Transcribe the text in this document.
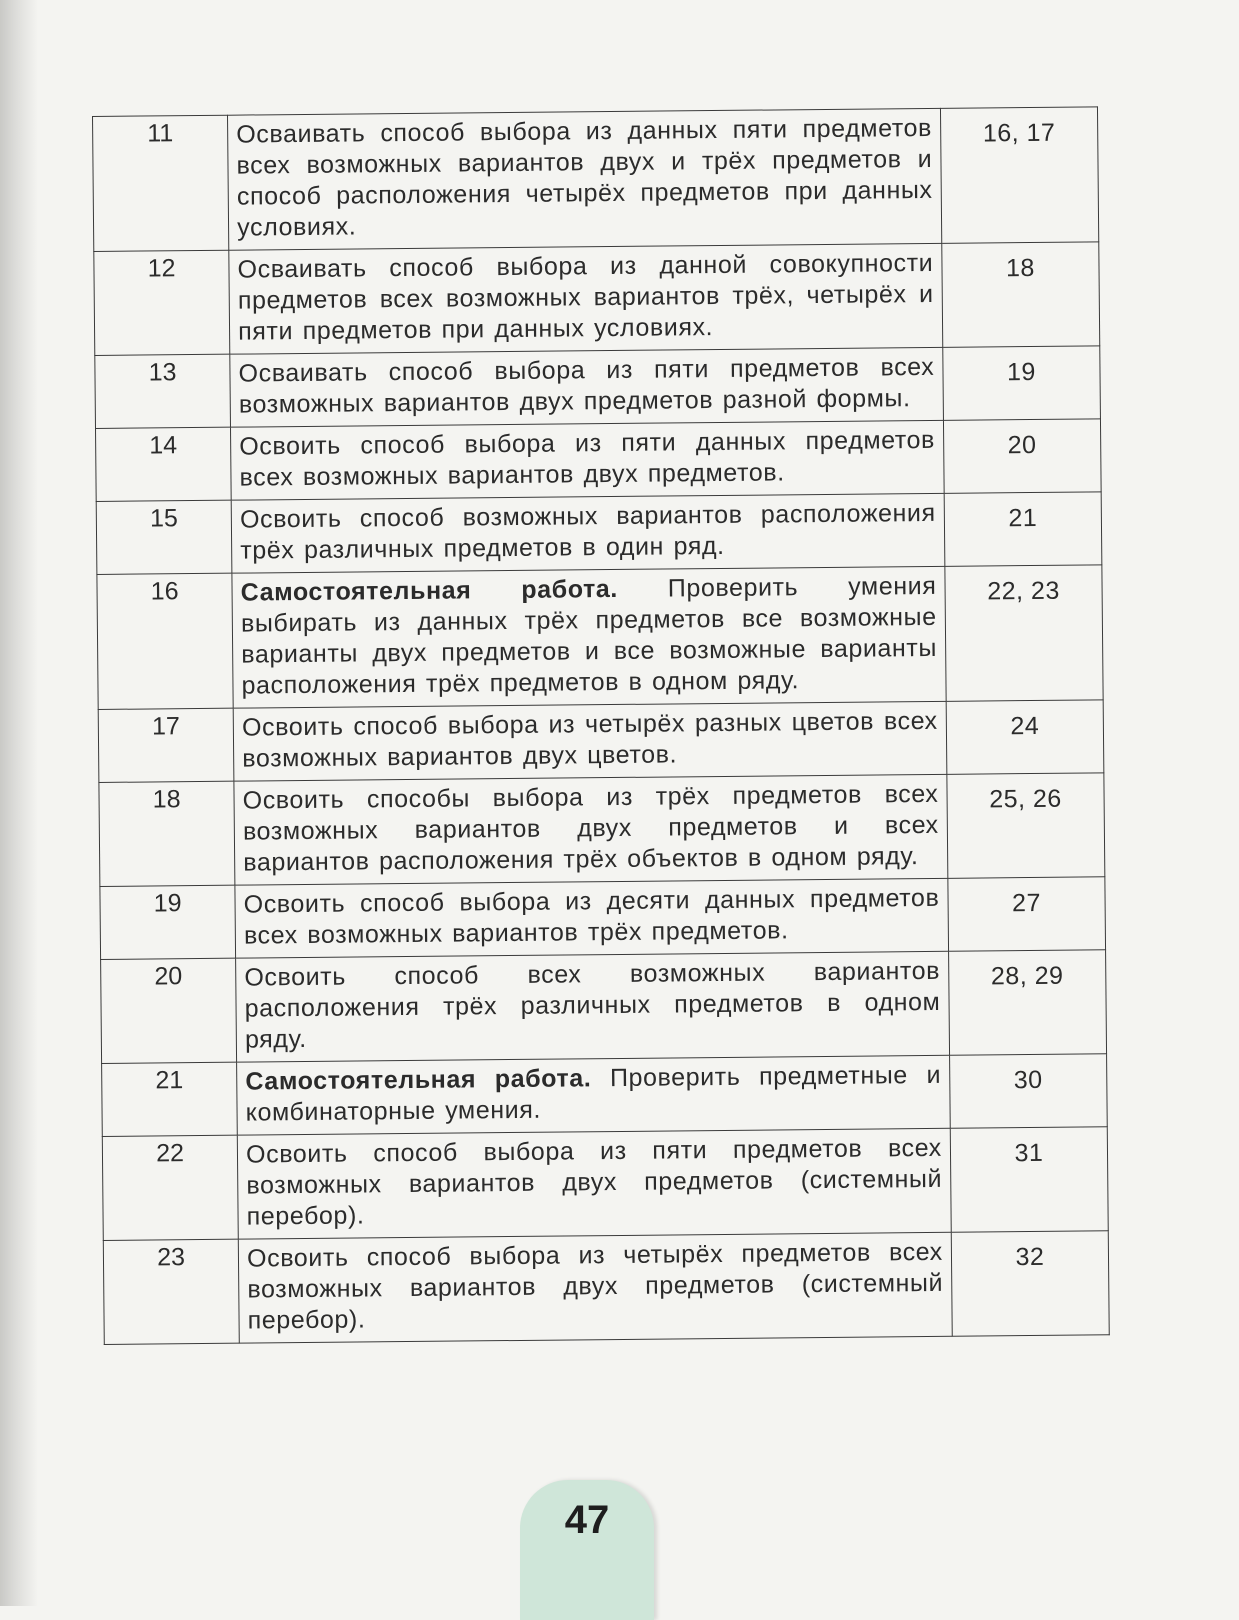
11	Осваивать способ выбора из данных пяти предметов всех возможных вариантов двух и трёх предметов и способ расположения четырёх предметов при данных условиях.	16, 17
12	Осваивать способ выбора из данной совокупности предметов всех возможных вариантов трёх, четырёх и пяти предметов при данных условиях.	18
13	Осваивать способ выбора из пяти предметов всех возможных вариантов двух предметов разной формы.	19
14	Освоить способ выбора из пяти данных предметов всех возможных вариантов двух предметов.	20
15	Освоить способ возможных вариантов расположения трёх различных предметов в один ряд.	21
16	Самостоятельная работа. Проверить умения выбирать из данных трёх предметов все возможные варианты двух предметов и все возможные варианты расположения трёх предметов в одном ряду.	22, 23
17	Освоить способ выбора из четырёх разных цветов всех возможных вариантов двух цветов.	24
18	Освоить способы выбора из трёх предметов всех возможных вариантов двух предметов и всех вариантов расположения трёх объектов в одном ряду.	25, 26
19	Освоить способ выбора из десяти данных предметов всех возможных вариантов трёх предметов.	27
20	Освоить способ всех возможных вариантов расположения трёх различных предметов в одном ряду.	28, 29
21	Самостоятельная работа. Проверить предметные и комбинаторные умения.	30
22	Освоить способ выбора из пяти предметов всех возможных вариантов двух предметов (системный перебор).	31
23	Освоить способ выбора из четырёх предметов всех возможных вариантов двух предметов (системный перебор).	32
47
